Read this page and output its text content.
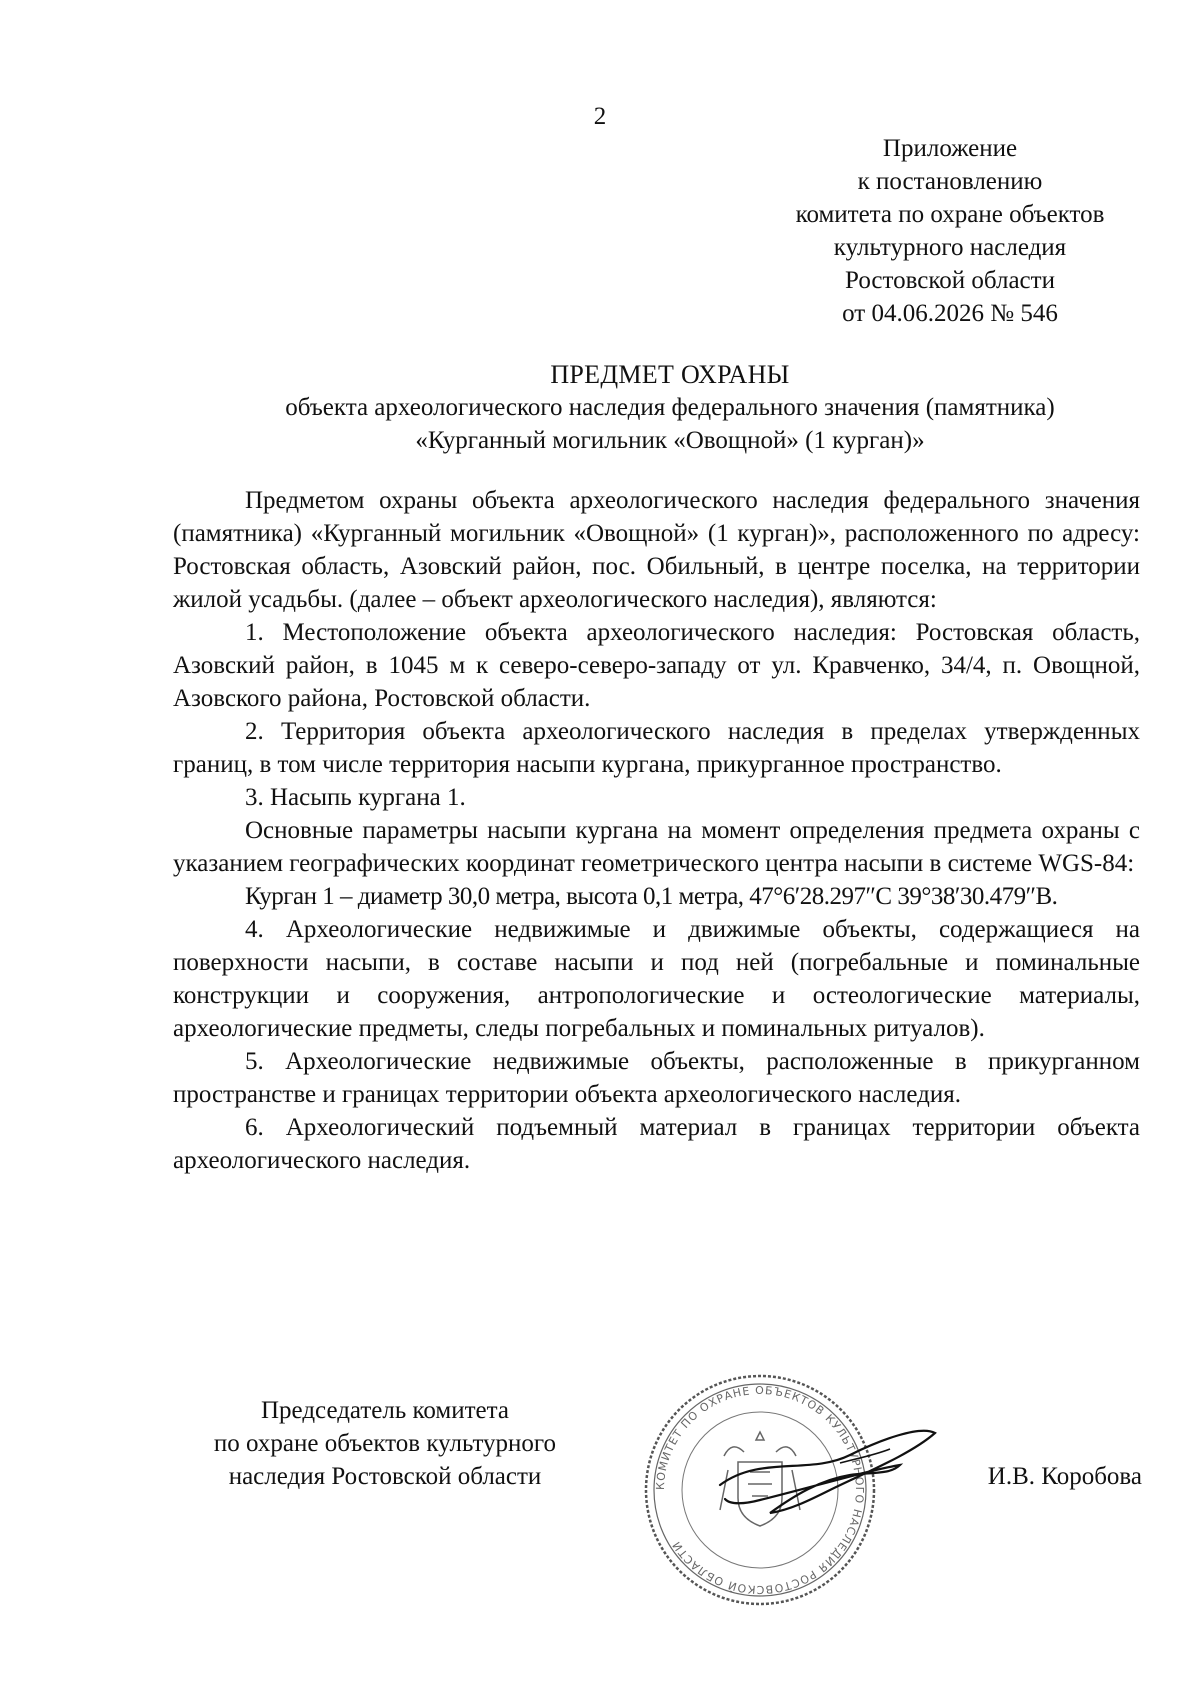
2
Приложение
к постановлению
комитета по охране объектов
культурного наследия
Ростовской области
от 04.06.2026 № 546
ПРЕДМЕТ ОХРАНЫ
объекта археологического наследия федерального значения (памятника)
«Курганный могильник «Овощной» (1 курган)»

Предметом охраны объекта археологического наследия федерального значения (памятника) «Курганный могильник «Овощной» (1 курган)», расположенного по адресу: Ростовская область, Азовский район, пос. Обильный, в центре поселка, на территории жилой усадьбы. (далее – объект археологического наследия), являются:

1. Местоположение объекта археологического наследия: Ростовская область, Азовский район, в 1045 м к северо-северо-западу от ул. Кравченко, 34/4, п. Овощной, Азовского района, Ростовской области.

2. Территория объекта археологического наследия в пределах утвержденных границ, в том числе территория насыпи кургана, прикурганное пространство.

3. Насыпь кургана 1.

Основные параметры насыпи кургана на момент определения предмета охраны с указанием географических координат геометрического центра насыпи в системе WGS-84:

Курган 1 – диаметр 30,0 метра, высота 0,1 метра, 47°6′28.297″С 39°38′30.479″В.

4. Археологические недвижимые и движимые объекты, содержащиеся на поверхности насыпи, в составе насыпи и под ней (погребальные и поминальные конструкции и сооружения, антропологические и остеологические материалы, археологические предметы, следы погребальных и поминальных ритуалов).

5. Археологические недвижимые объекты, расположенные в прикурганном пространстве и границах территории объекта археологического наследия.

6. Археологический подъемный материал в границах территории объекта археологического наследия.

Председатель комитета
по охране объектов культурного
наследия Ростовской области	КОМИТЕТ ПО ОХРАНЕ ОБЪЕКТОВ КУЛЬТУРНОГО НАСЛЕДИЯ РОСТОВСКОЙ ОБЛАСТИ
И.В. Коробова
